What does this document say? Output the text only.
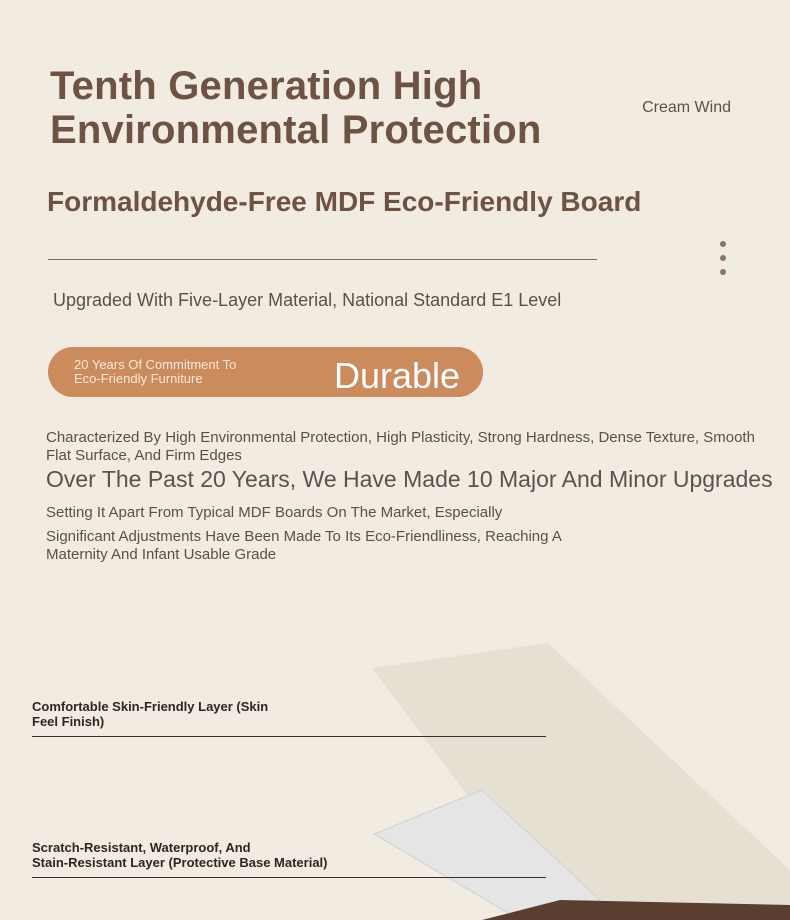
Tenth Generation High
Environmental Protection
Cream Wind
Formaldehyde-Free MDF Eco-Friendly Board
Upgraded With Five-Layer Material, National Standard E1 Level
20 Years Of Commitment To
Eco-Friendly Furniture	Durable
Characterized By High Environmental Protection, High Plasticity, Strong Hardness, Dense Texture, Smooth
Flat Surface, And Firm Edges
Over The Past 20 Years, We Have Made 10 Major And Minor Upgrades
Setting It Apart From Typical MDF Boards On The Market, Especially
Significant Adjustments Have Been Made To Its Eco-Friendliness, Reaching A
Maternity And Infant Usable Grade
Comfortable Skin-Friendly Layer (Skin
Feel Finish)
Scratch-Resistant, Waterproof, And
Stain-Resistant Layer (Protective Base Material)
